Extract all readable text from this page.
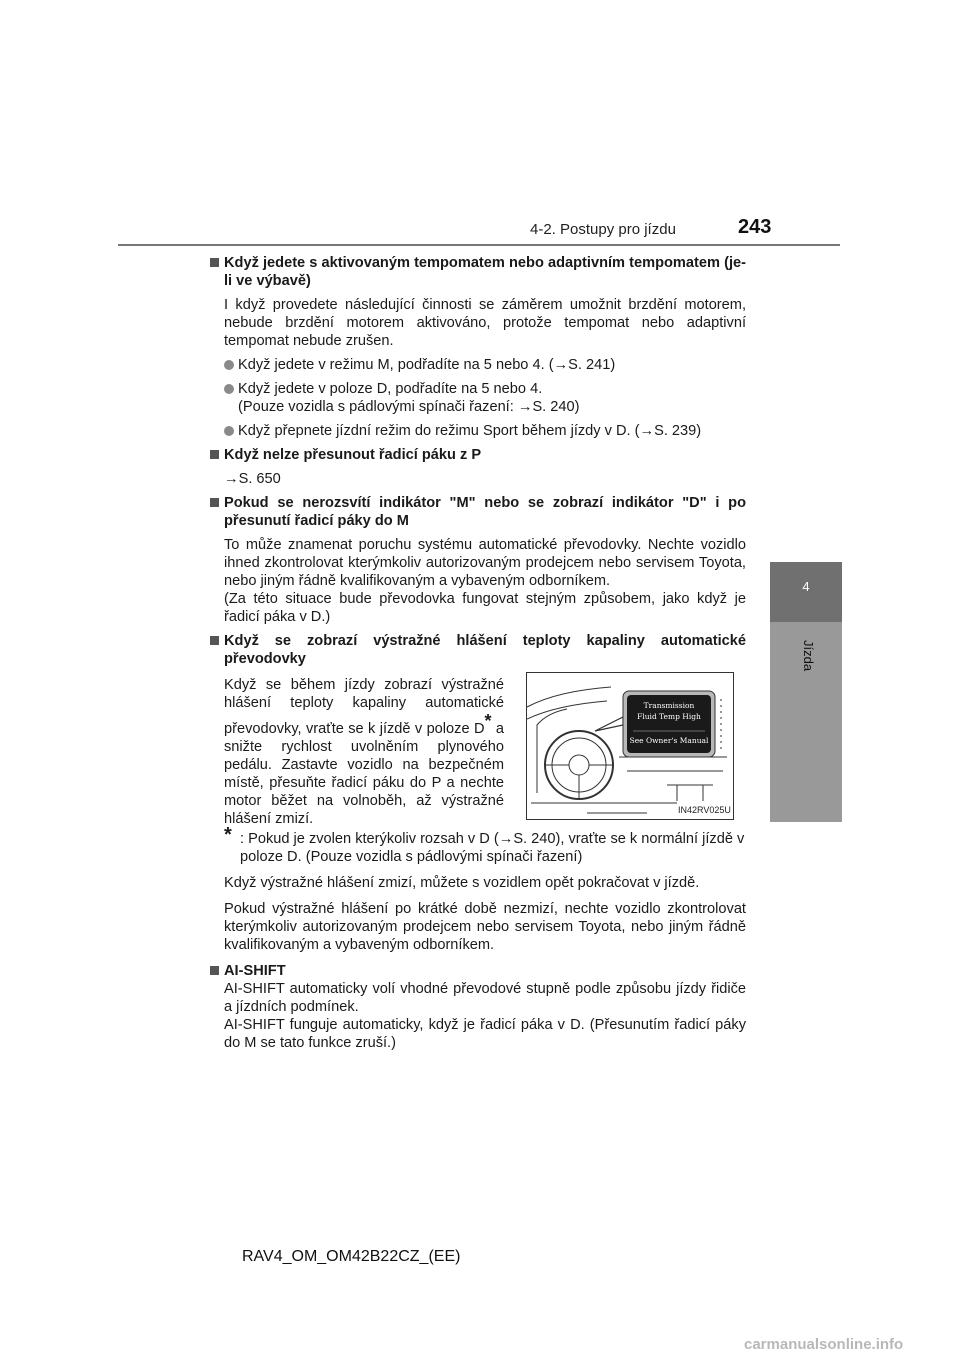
4-2. Postupy pro jízdu	243
4
Jízda

Když jedete s aktivovaným tempomatem nebo adaptivním tempomatem (je-li ve výbavě)

I když provedete následující činnosti se záměrem umožnit brzdění motorem, nebude brzdění motorem aktivováno, protože tempomat nebo adaptivní tempomat nebude zrušen.

Když jedete v režimu M, podřadíte na 5 nebo 4. (→S. 241)

Když jedete v poloze D, podřadíte na 5 nebo 4.
(Pouze vozidla s pádlovými spínači řazení: →S. 240)

Když přepnete jízdní režim do režimu Sport během jízdy v D. (→S. 239)

Když nelze přesunout řadicí páku z P

→S. 650

Pokud se nerozsvítí indikátor "M" nebo se zobrazí indikátor "D" i po přesunutí řadicí páky do M

To může znamenat poruchu systému automatické převodovky. Nechte vozidlo ihned zkontrolovat kterýmkoliv autorizovaným prodejcem nebo servisem Toyota, nebo jiným řádně kvalifikovaným a vybaveným odborníkem.

(Za této situace bude převodovka fungovat stejným způsobem, jako když je řadicí páka v D.)

Když se zobrazí výstražné hlášení teploty kapaliny automatické převodovky

Když se během jízdy zobrazí výstražné hlášení teploty kapaliny automatické převodovky, vraťte se k jízdě v poloze D* a snižte rychlost uvolněním plynového pedálu. Zastavte vozidlo na bezpečném místě, přesuňte řadicí páku do P a nechte motor běžet na volnoběh, až výstražné hlášení zmizí.

Transmission
Fluid Temp High
See Owner's Manual
IN42RV025U

* : Pokud je zvolen kterýkoliv rozsah v D (→S. 240), vraťte se k normální jízdě v poloze D. (Pouze vozidla s pádlovými spínači řazení)

Když výstražné hlášení zmizí, můžete s vozidlem opět pokračovat v jízdě.

Pokud výstražné hlášení po krátké době nezmizí, nechte vozidlo zkontrolovat kterýmkoliv autorizovaným prodejcem nebo servisem Toyota, nebo jiným řádně kvalifikovaným a vybaveným odborníkem.

AI-SHIFT

AI-SHIFT automaticky volí vhodné převodové stupně podle způsobu jízdy řidiče a jízdních podmínek.

AI-SHIFT funguje automaticky, když je řadicí páka v D. (Přesunutím řadicí páky do M se tato funkce zruší.)

RAV4_OM_OM42B22CZ_(EE)
carmanualsonline.info
